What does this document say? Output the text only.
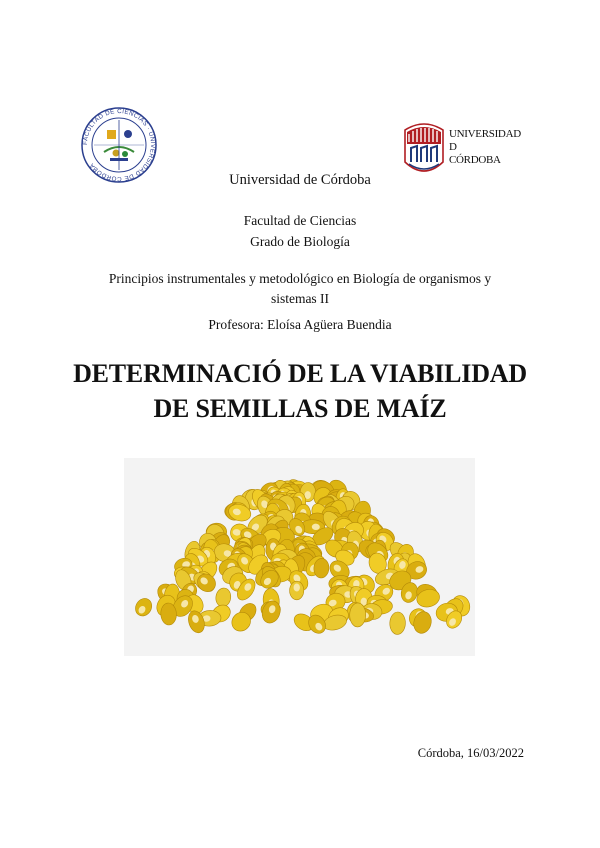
FACULTAD DE CIENCIAS · UNIVERSIDAD DE CÓRDOBA
UNIVERSIDAD
D
CÓRDOBA
Universidad de Córdoba
Facultad de Ciencias
Grado de Biología
Principios instrumentales y metodológico en Biología de organismos y
sistemas II
Profesora: Eloísa Agüera Buendia
DETERMINACIÓ DE LA VIABILIDAD
DE SEMILLAS DE MAÍZ
Córdoba, 16/03/2022
